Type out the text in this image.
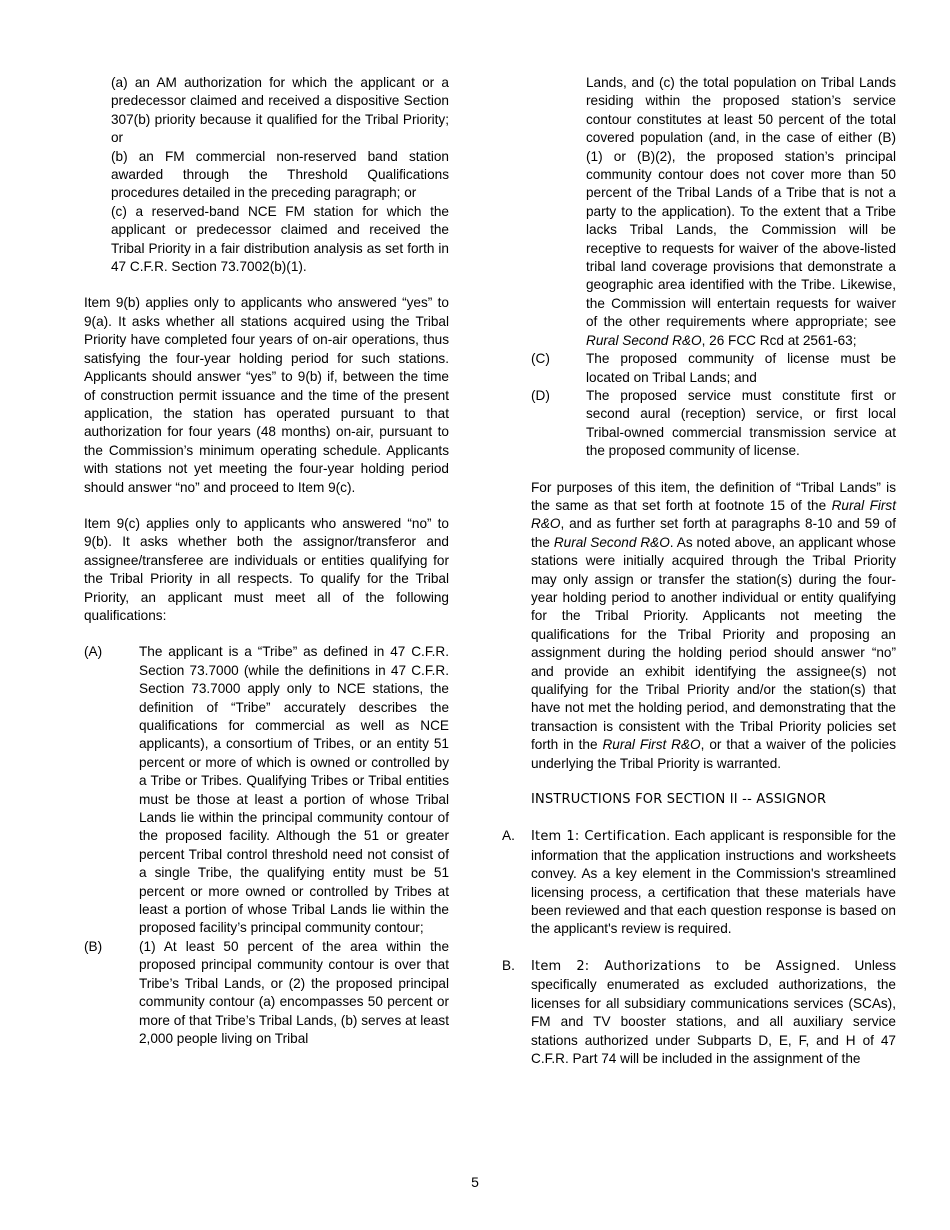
(a) an AM authorization for which the applicant or a predecessor claimed and received a dispositive Section 307(b) priority because it qualified for the Tribal Priority; or

(b) an FM commercial non-reserved band station awarded through the Threshold Qualifications procedures detailed in the preceding paragraph; or

(c) a reserved-band NCE FM station for which the applicant or predecessor claimed and received the Tribal Priority in a fair distribution analysis as set forth in 47 C.F.R. Section 73.7002(b)(1).

Item 9(b) applies only to applicants who answered “yes” to 9(a). It asks whether all stations acquired using the Tribal Priority have completed four years of on-air operations, thus satisfying the four-year holding period for such stations. Applicants should answer “yes” to 9(b) if, between the time of construction permit issuance and the time of the present application, the station has operated pursuant to that authorization for four years (48 months) on-air, pursuant to the Commission’s minimum operating schedule. Applicants with stations not yet meeting the four-year holding period should answer “no” and proceed to Item 9(c).

Item 9(c) applies only to applicants who answered “no” to 9(b). It asks whether both the assignor/transferor and assignee/transferee are individuals or entities qualifying for the Tribal Priority in all respects. To qualify for the Tribal Priority, an applicant must meet all of the following qualifications:

(A)	The applicant is a “Tribe” as defined in 47 C.F.R. Section 73.7000 (while the definitions in 47 C.F.R. Section 73.7000 apply only to NCE stations, the definition of “Tribe” accurately describes the qualifications for commercial as well as NCE applicants), a consortium of Tribes, or an entity 51 percent or more of which is owned or controlled by a Tribe or Tribes. Qualifying Tribes or Tribal entities must be those at least a portion of whose Tribal Lands lie within the principal community contour of the proposed facility. Although the 51 or greater percent Tribal control threshold need not consist of a single Tribe, the qualifying entity must be 51 percent or more owned or controlled by Tribes at least a portion of whose Tribal Lands lie within the proposed facility’s principal community contour;
(B)	(1) At least 50 percent of the area within the proposed principal community contour is over that Tribe’s Tribal Lands, or (2) the proposed principal community contour (a) encompasses 50 percent or more of that Tribe’s Tribal Lands, (b) serves at least 2,000 people living on Tribal

Lands, and (c) the total population on Tribal Lands residing within the proposed station’s service contour constitutes at least 50 percent of the total covered population (and, in the case of either (B)(1) or (B)(2), the proposed station’s principal community contour does not cover more than 50 percent of the Tribal Lands of a Tribe that is not a party to the application). To the extent that a Tribe lacks Tribal Lands, the Commission will be receptive to requests for waiver of the above-listed tribal land coverage provisions that demonstrate a geographic area identified with the Tribe. Likewise, the Commission will entertain requests for waiver of the other requirements where appropriate; see Rural Second R&O, 26 FCC Rcd at 2561-63;

(C)	The proposed community of license must be located on Tribal Lands; and
(D)	The proposed service must constitute first or second aural (reception) service, or first local Tribal-owned commercial transmission service at the proposed community of license.

For purposes of this item, the definition of “Tribal Lands” is the same as that set forth at footnote 15 of the Rural First R&O, and as further set forth at paragraphs 8-10 and 59 of the Rural Second R&O. As noted above, an applicant whose stations were initially acquired through the Tribal Priority may only assign or transfer the station(s) during the four-year holding period to another individual or entity qualifying for the Tribal Priority. Applicants not meeting the qualifications for the Tribal Priority and proposing an assignment during the holding period should answer “no” and provide an exhibit identifying the assignee(s) not qualifying for the Tribal Priority and/or the station(s) that have not met the holding period, and demonstrating that the transaction is consistent with the Tribal Priority policies set forth in the Rural First R&O, or that a waiver of the policies underlying the Tribal Priority is warranted.

INSTRUCTIONS FOR SECTION II -- ASSIGNOR

A. Item 1: Certification. Each applicant is responsible for the information that the application instructions and worksheets convey. As a key element in the Commission's streamlined licensing process, a certification that these materials have been reviewed and that each question response is based on the applicant's review is required.

B. Item 2: Authorizations to be Assigned. Unless specifically enumerated as excluded authorizations, the licenses for all subsidiary communications services (SCAs), FM and TV booster stations, and all auxiliary service stations authorized under Subparts D, E, F, and H of 47 C.F.R. Part 74 will be included in the assignment of the

5
